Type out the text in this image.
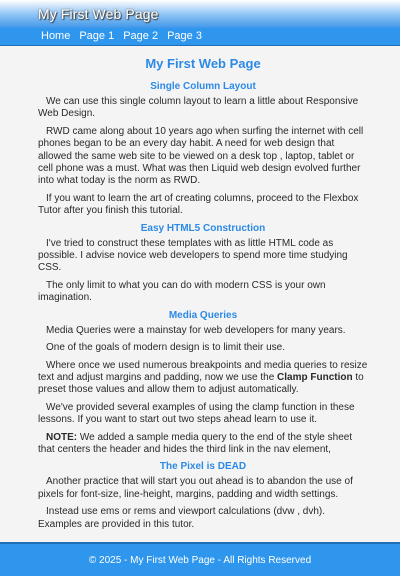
My First Web Page
Home Page 1 Page 2 Page 3
My First Web Page
Single Column Layout

We can use this single column layout to learn a little about Responsive Web Design.

RWD came along about 10 years ago when surfing the internet with cell phones began to be an every day habit. A need for web design that allowed the same web site to be viewed on a desk top , laptop, tablet or cell phone was a must. What was then Liquid web design evolved further into what today is the norm as RWD.

If you want to learn the art of creating columns, proceed to the Flexbox Tutor after you finish this tutorial.

Easy HTML5 Construction

I've tried to construct these templates with as little HTML code as possible. I advise novice web developers to spend more time studying CSS.

The only limit to what you can do with modern CSS is your own imagination.

Media Queries

Media Queries were a mainstay for web developers for many years.

One of the goals of modern design is to limit their use.

Where once we used numerous breakpoints and media queries to resize text and adjust margins and padding, now we use the Clamp Function to preset those values and allow them to adjust automatically.

We've provided several examples of using the clamp function in these lessons. If you want to start out two steps ahead learn to use it.

NOTE: We added a sample media query to the end of the style sheet that centers the header and hides the third link in the nav element,

The Pixel is DEAD

Another practice that will start you out ahead is to abandon the use of pixels for font-size, line-height, margins, padding and width settings.

Instead use ems or rems and viewport calculations (dvw , dvh). Examples are provided in this tutor.

© 2025 - My First Web Page - All Rights Reserved
